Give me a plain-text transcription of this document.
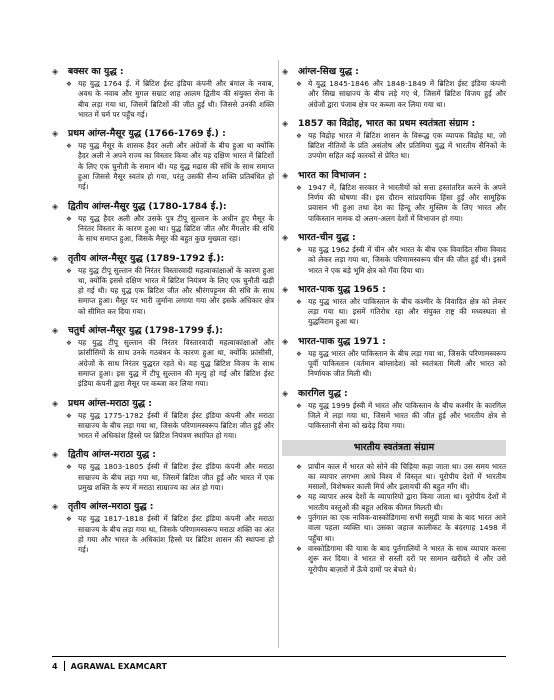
◈ बक्सर का युद्ध :
❖ यह युद्ध 1764 ई. में ब्रिटिश ईस्ट इंडिया कंपनी और बंगाल के नवाब, अवध के नवाब और मुगल सम्राट शाह आलम द्वितीय की संयुक्त सेना के बीच लड़ा गया था, जिसमें ब्रिटिशों की जीत हुई थी। जिससे उनकी शक्ति भारत में चर्म पर पहुँच गई।
◈ प्रथम आंग्ल-मैसूर युद्ध (1766-1769 ई.) :
❖ यह युद्ध मैसूर के शासक हैदर अली और अंग्रेजों के बीच हुआ था क्योंकि हैदर अली ने अपने राज्य का विस्तार किया और यह दक्षिण भारत में ब्रिटिशों के लिए एक चुनौती के समान थी। यह युद्ध मद्रास की संधि के साथ समाप्त हुआ जिससे मैसूर स्वतंत्र हो गया, परंतु उसकी सैन्य शक्ति प्रतिबंधित हो गई।
◈ द्वितीय आंग्ल-मैसूर युद्ध (1780-1784 ई.):
❖ यह युद्ध हैदर अली और उसके पुत्र टीपू सुल्तान के अधीन हुए मैसूर के निरंतर विस्तार के कारण हुआ था। युद्ध ब्रिटिश जीत और मैंगलोर की संधि के साथ समाप्त हुआ, जिसके मैसूर की बहुत कुछ मुख्यता रहा।
◈ तृतीय आंग्ल-मैसूर युद्ध (1789-1792 ई.):
❖ यह युद्ध टीपू सुल्तान की निरंतर विस्तारवादी महत्वाकांक्षाओं के कारण हुआ था, क्योंकि इससे दक्षिण भारत में ब्रिटिश नियंत्रण के लिए एक चुनौती खड़ी हो गई थी। यह युद्ध एक ब्रिटिश जीत और श्रीरंगपट्टनम की संधि के साथ समाप्त हुआ। मैसूर पर भारी जुर्माना लगाया गया और इसके अधिकार क्षेत्र को सीमित कर दिया गया।
◈ चतुर्थ आंग्ल-मैसूर युद्ध (1798-1799 ई.):
❖ यह युद्ध टीपू सुल्तान की निरंतर विस्तारवादी महत्वाकांक्षाओं और फ्रांसीसियों के साथ उनके गठबंधन के कारण हुआ था, क्योंकि फ्रांसीसी, अंग्रेजों के साथ निरंतर युद्धरत रहते थे। यह युद्ध ब्रिटिश विजय के साथ समाप्त हुआ। इस युद्ध में टीपू सुल्तान की मृत्यु हो गई और ब्रिटिश ईस्ट इंडिया कंपनी द्वारा मैसूर पर कब्जा कर लिया गया।
◈ प्रथम आंग्ल-मराठा युद्ध :
❖ यह युद्ध 1775-1782 ईस्वी में ब्रिटिश ईस्ट इंडिया कंपनी और मराठा साम्राज्य के बीच लड़ा गया था, जिसके परिणामस्वरूप ब्रिटिश जीत हुई और भारत में अधिकांश हिस्से पर ब्रिटिश नियंत्रण स्थापित हो गया।
◈ द्वितीय आंग्ल-मराठा युद्ध :
❖ यह युद्ध 1803-1805 ईस्वी में ब्रिटिश ईस्ट इंडिया कंपनी और मराठा साम्राज्य के बीच लड़ा गया था, जिसमें ब्रिटिश जीत हुई और भारत में एक प्रमुख शक्ति के रूप में मराठा साम्राज्य का अंत हो गया।
◈ तृतीय आंग्ल-मराठा युद्ध :
❖ यह युद्ध 1817-1818 ईस्वी में ब्रिटिश ईस्ट इंडिया कंपनी और मराठा साम्राज्य के बीच लड़ा गया था, जिसके परिणामस्वरूप मराठा शक्ति का अंत हो गया और भारत के अधिकांश हिस्से पर ब्रिटिश शासन की स्थापना हो गई।
◈ आंग्ल-सिख युद्ध :
❖ ये युद्ध 1845-1846 और 1848-1849 में ब्रिटिश ईस्ट इंडिया कंपनी और सिख साम्राज्य के बीच लड़े गए थे, जिसमें ब्रिटिश विजय हुई और अंग्रेजों द्वारा पंजाब क्षेत्र पर कब्जा कर लिया गया था।
◈ 1857 का विद्रोह, भारत का प्रथम स्वतंत्रता संग्राम :
❖ यह विद्रोह भारत में ब्रिटिश शासन के विरूद्ध एक व्यापक विद्रोह था, जो ब्रिटिश नीतियों के प्रति असंतोष और प्रतिमिया युद्ध में भारतीय सैनिकों के उपयोग सहित कई कारकों से प्रेरित था।
◈ भारत का विभाजन :
❖ 1947 में, ब्रिटिश सरकार ने भारतीयों को सत्ता हस्तांतरित करने के अपने निर्णय की घोषणा की। इस दौरान सांप्रदायिक हिंसा हुई और सामूहिक प्रवासन भी हुआ तथा देश का हिन्दू और मुस्लिम के लिए भारत और पाकिस्तान नामक दो अलग-अलग देशों में विभाजन हो गया।
◈ भारत-चीन युद्ध :
❖ यह युद्ध 1962 ईस्वी में चीन और भारत के बीच एक विवादित सीमा विवाद को लेकर लड़ा गया था, जिसके परिणामस्वरूप चीन की जीत हुई थी। इसमें भारत ने एक बड़े भूमि क्षेत्र को गँवा दिया था।
◈ भारत-पाक युद्ध 1965 :
❖ यह युद्ध भारत और पाकिस्तान के बीच कश्मीर के विवादित क्षेत्र को लेकर लड़ा गया था। इसमें गतिरोध रहा और संयुक्त राष्ट्र की मध्यस्थता से युद्धविराम हुआ था।
◈ भारत-पाक युद्ध 1971 :
❖ यह युद्ध भारत और पाकिस्तान के बीच लड़ा गया था, जिसके परिणामस्वरूप पूर्वी पाकिस्तान (वर्तमान बांग्लादेश) को स्वतंत्रता मिली और भारत को निर्णायक जीत मिली थी।
◈ कारगिल युद्ध :
❖ यह युद्ध 1999 ईस्वी में भारत और पाकिस्तान के बीच कश्मीर के कारगिल जिले में लड़ा गया था, जिसमें भारत की जीत हुई और भारतीय क्षेत्र से पाकिस्तानी सेना को खदेड़ दिया गया।
भारतीय स्वतंत्रता संग्राम
❖ प्राचीन काल में भारत को सोने की चिड़िया कहा जाता था। उस समय भारत का व्यापार लगभग आधे विश्व में विस्तृत था। यूरोपीय देशों में भारतीय मसालों, विशेषकर काली मिर्च और इलायची की बहुत माँग थी।
❖ यह व्यापार अरब देशों के व्यापारियों द्वारा किया जाता था। यूरोपीय देशों में भारतीय वस्तुओं की बहुत अधिक कीमत मिलती थी।
❖ पुर्तगाल का एक नाविक-वास्कोडिगामा सभी समुद्री यात्रा के बाद भारत आने वाला पहला व्यक्ति था। उसका जहाज कालीकट के बंदरगाह 1498 में पहुँचा था।
❖ वास्कोडिगामा की यात्रा के बाद पुर्तगालियों ने भारत के साथ व्यापार करना शुरू कर दिया। वे भारत से सस्ती दरों पर सामान खरीदते थे और उसे यूरोपीय बाज़ारों में ऊँचे दामों पर बेचते थे।
4 AGRAWAL EXAMCART
